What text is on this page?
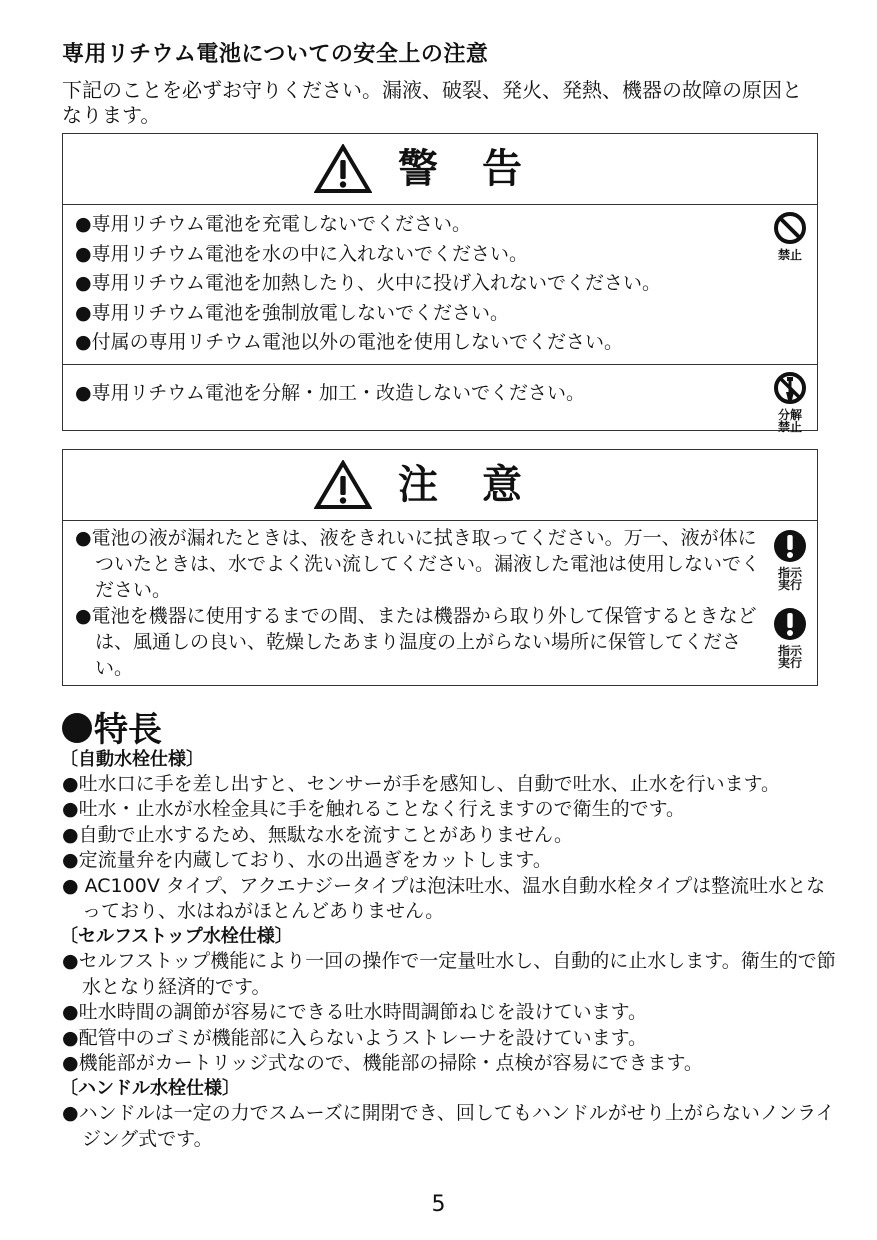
専用リチウム電池についての安全上の注意

下記のことを必ずお守りください。漏液、破裂、発火、発熱、機器の故障の原因となります。

警告

●専用リチウム電池を充電しないでください。

●専用リチウム電池を水の中に入れないでください。

●専用リチウム電池を加熱したり、火中に投げ入れないでください。

●専用リチウム電池を強制放電しないでください。

●付属の専用リチウム電池以外の電池を使用しないでください。

禁止

●専用リチウム電池を分解・加工・改造しないでください。

分解
禁止
注意

●電池の液が漏れたときは、液をきれいに拭き取ってください。万一、液が体についたときは、水でよく洗い流してください。漏液した電池は使用しないでください。

●電池を機器に使用するまでの間、または機器から取り外して保管するときなどは、風通しの良い、乾燥したあまり温度の上がらない場所に保管してください。

指示
実行
指示
実行
特長

〔自動水栓仕様〕

●吐水口に手を差し出すと、センサーが手を感知し、自動で吐水、止水を行います。

●吐水・止水が水栓金具に手を触れることなく行えますので衛生的です。

●自動で止水するため、無駄な水を流すことがありません。

●定流量弁を内蔵しており、水の出過ぎをカットします。

● AC100V タイプ、アクエナジータイプは泡沫吐水、温水自動水栓タイプは整流吐水となっており、水はねがほとんどありません。

〔セルフストップ水栓仕様〕

●セルフストップ機能により一回の操作で一定量吐水し、自動的に止水します。衛生的で節水となり経済的です。

●吐水時間の調節が容易にできる吐水時間調節ねじを設けています。

●配管中のゴミが機能部に入らないようストレーナを設けています。

●機能部がカートリッジ式なので、機能部の掃除・点検が容易にできます。

〔ハンドル水栓仕様〕

●ハンドルは一定の力でスムーズに開閉でき、回してもハンドルがせり上がらないノンライジング式です。

5
